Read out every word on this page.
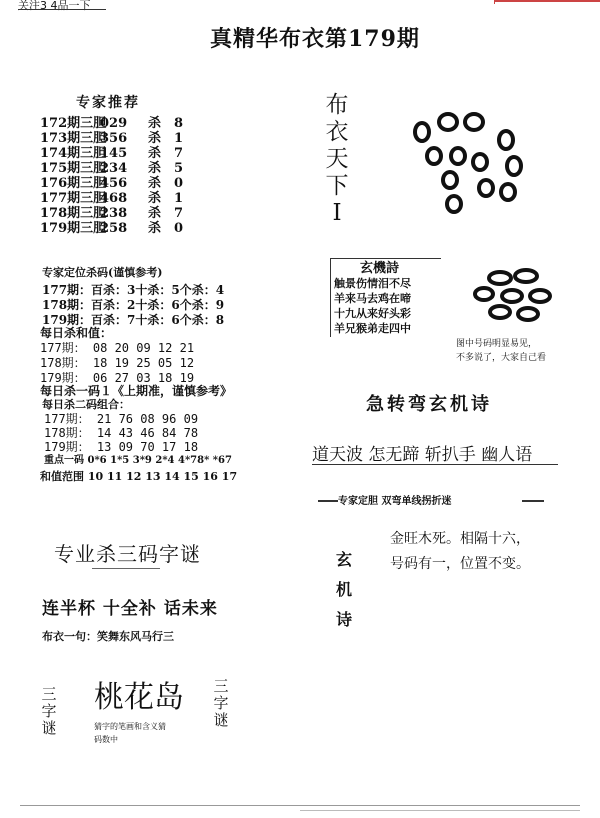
关注3 4品一下
真精华布衣第179期
专家推荐
172期三胆029 杀 8
173期三胆356 杀 1
174期三胆145 杀 7
175期三胆234 杀 5
176期三胆456 杀 0
177期三胆468 杀 1
178期三胆238 杀 7
179期三胆258 杀 0
专家定位杀码(谨慎参考)
177期：百杀：3十杀：5个杀：4
178期：百杀：2十杀：6个杀：9
179期：百杀：7十杀：6个杀：8
每日杀和值：
177期： 08 20 09 12 21
178期： 18 19 25 05 12
179期： 06 27 03 18 19
每日杀一码１《上期准，谨慎参考》
每日杀二码组合：
177期： 21 76 08 96 09
178期： 14 43 46 84 78
179期： 13 09 70 17 18
重点一码 0*6 1*5 3*9 2*4 4*78* *67
和值范围 10 11 12 13 14 15 16 17
专业杀三码字谜
连半杯 十全补 话未来
布衣一句：笑舞东风马行三
三字谜
桃花岛 三字谜
猜字的笔画和含义猜
码数中
布衣天下Ⅰ
玄機詩
触景伤情泪不尽
羊来马去鸡在啼
十九从来好头彩
羊兄猴弟走四中
图中号码明显易见，
不多说了，大家自己看
急转弯玄机诗
道天波 怎无蹄 斩扒手 幽人语
专家定胆 双弯单线拐折迷
玄机诗
金旺木死。相隔十六，
号码有一，位置不变。
